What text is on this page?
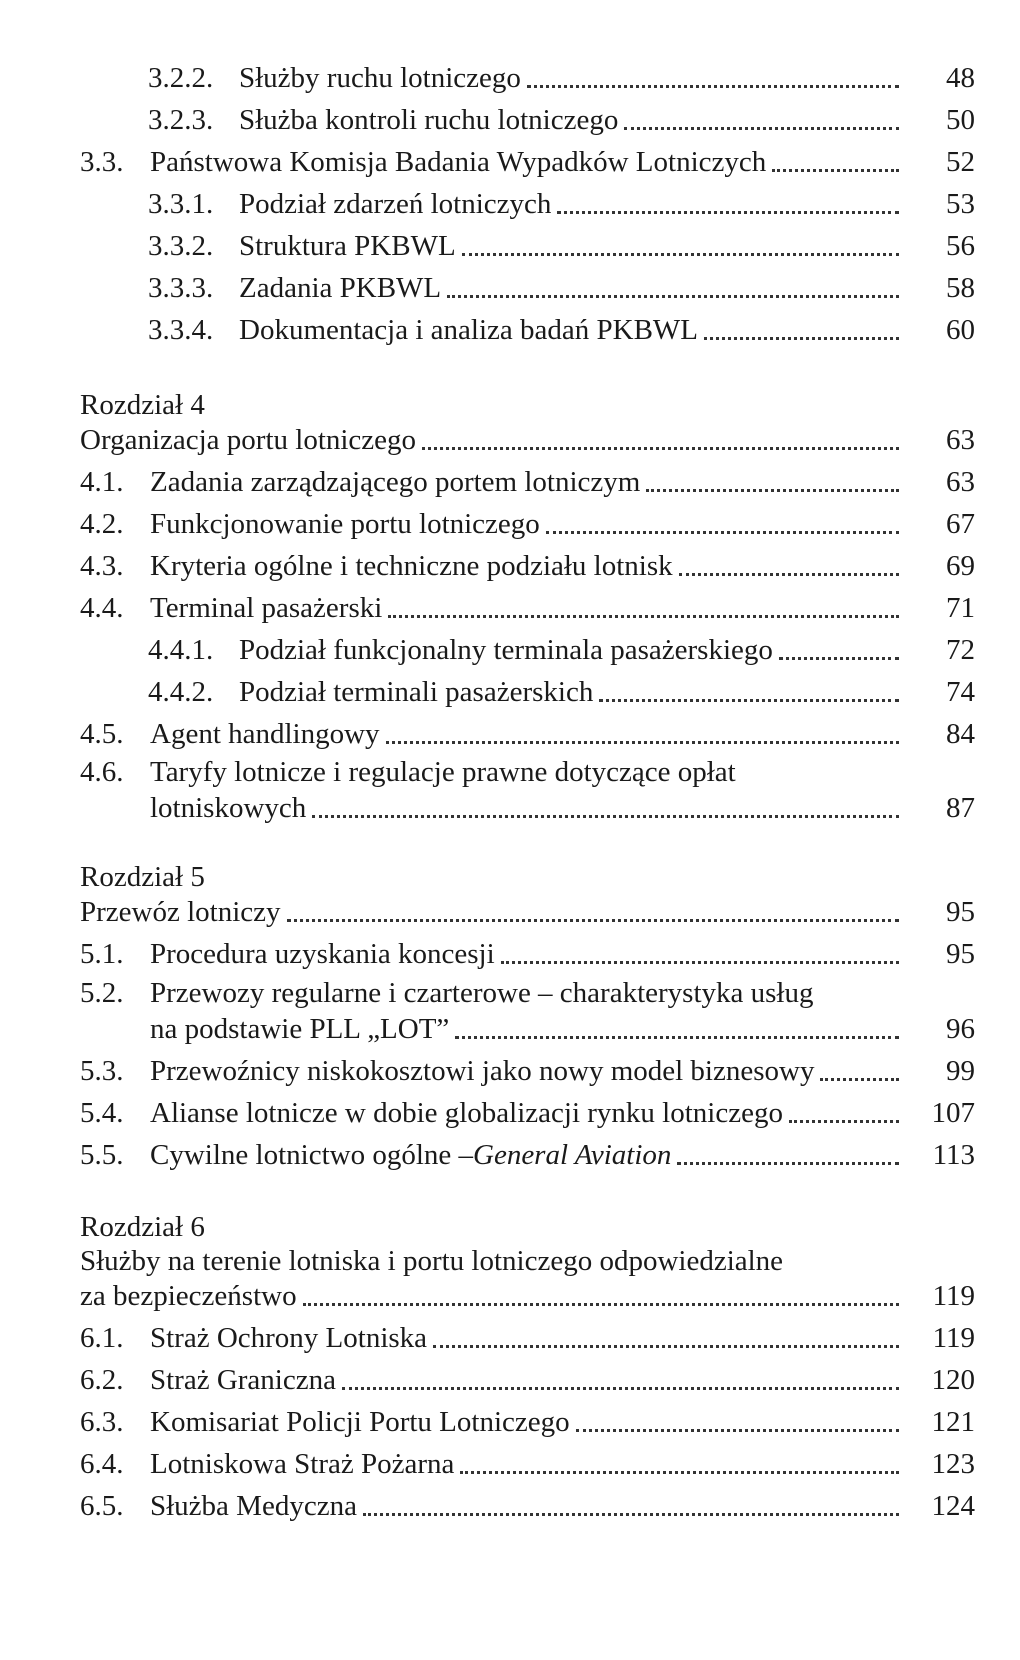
3.2.2. Służby ruchu lotniczego	48
3.2.3. Służba kontroli ruchu lotniczego	50
3.3. Państwowa Komisja Badania Wypadków Lotniczych	52
3.3.1. Podział zdarzeń lotniczych	53
3.3.2. Struktura PKBWL	56
3.3.3. Zadania PKBWL	58
3.3.4. Dokumentacja i analiza badań PKBWL	60
Rozdział 4
Organizacja portu lotniczego	63
4.1. Zadania zarządzającego portem lotniczym	63
4.2. Funkcjonowanie portu lotniczego	67
4.3. Kryteria ogólne i techniczne podziału lotnisk	69
4.4. Terminal pasażerski	71
4.4.1. Podział funkcjonalny terminala pasażerskiego	72
4.4.2. Podział terminali pasażerskich	74
4.5. Agent handlingowy	84
4.6. Taryfy lotnicze i regulacje prawne dotyczące opłat
lotniskowych	87
Rozdział 5
Przewóz lotniczy	95
5.1. Procedura uzyskania koncesji	95
5.2. Przewozy regularne i czarterowe – charakterystyka usług
na podstawie PLL „LOT”	96
5.3. Przewoźnicy niskokosztowi jako nowy model biznesowy	99
5.4. Alianse lotnicze w dobie globalizacji rynku lotniczego	107
5.5. Cywilne lotnictwo ogólne – General Aviation	113
Rozdział 6
Służby na terenie lotniska i portu lotniczego odpowiedzialne
za bezpieczeństwo	119
6.1. Straż Ochrony Lotniska	119
6.2. Straż Graniczna	120
6.3. Komisariat Policji Portu Lotniczego	121
6.4. Lotniskowa Straż Pożarna	123
6.5. Służba Medyczna	124
